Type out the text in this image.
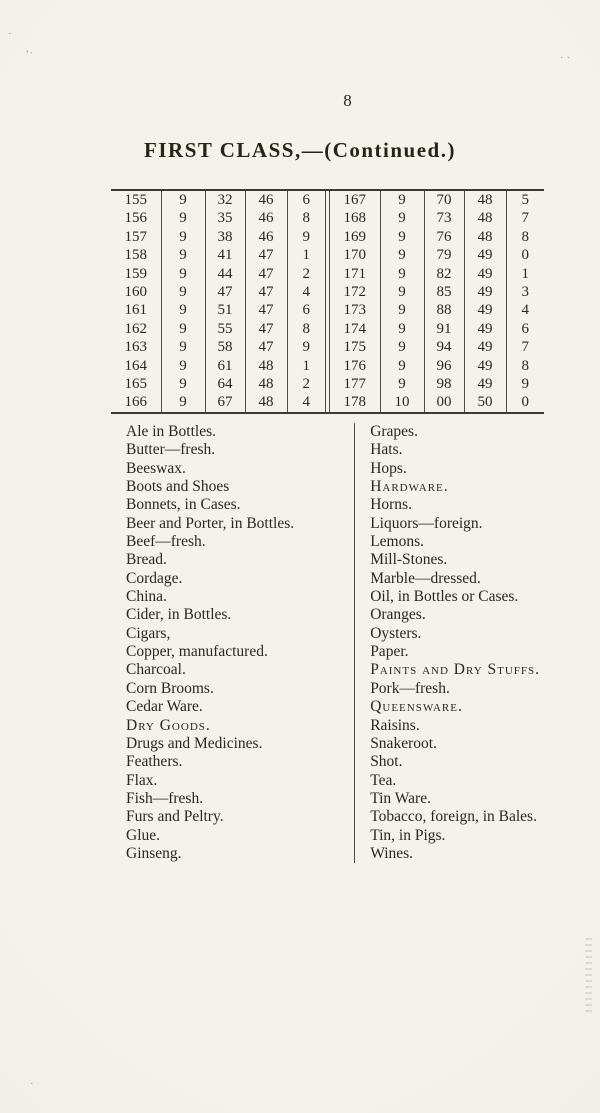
’·
·
· ·
·
8
FIRST CLASS,—(Continued.)
155	9	32	46	6
156	9	35	46	8
157	9	38	46	9
158	9	41	47	1
159	9	44	47	2
160	9	47	47	4
161	9	51	47	6
162	9	55	47	8
163	9	58	47	9
164	9	61	48	1
165	9	64	48	2
166	9	67	48	4
167	9	70	48	5
168	9	73	48	7
169	9	76	48	8
170	9	79	49	0
171	9	82	49	1
172	9	85	49	3
173	9	88	49	4
174	9	91	49	6
175	9	94	49	7
176	9	96	49	8
177	9	98	49	9
178	10	00	50	0
Ale in Bottles.
Butter—fresh.
Beeswax.
Boots and Shoes
Bonnets, in Cases.
Beer and Porter, in Bottles.
Beef—fresh.
Bread.
Cordage.
China.
Cider, in Bottles.
Cigars,
Copper, manufactured.
Charcoal.
Corn Brooms.
Cedar Ware.
Dry Goods.
Drugs and Medicines.
Feathers.
Flax.
Fish—fresh.
Furs and Peltry.
Glue.
Ginseng.
Grapes.
Hats.
Hops.
Hardware.
Horns.
Liquors—foreign.
Lemons.
Mill-Stones.
Marble—dressed.
Oil, in Bottles or Cases.
Oranges.
Oysters.
Paper.
Paints and Dry Stuffs.
Pork—fresh.
Queensware.
Raisins.
Snakeroot.
Shot.
Tea.
Tin Ware.
Tobacco, foreign, in Bales.
Tin, in Pigs.
Wines.
